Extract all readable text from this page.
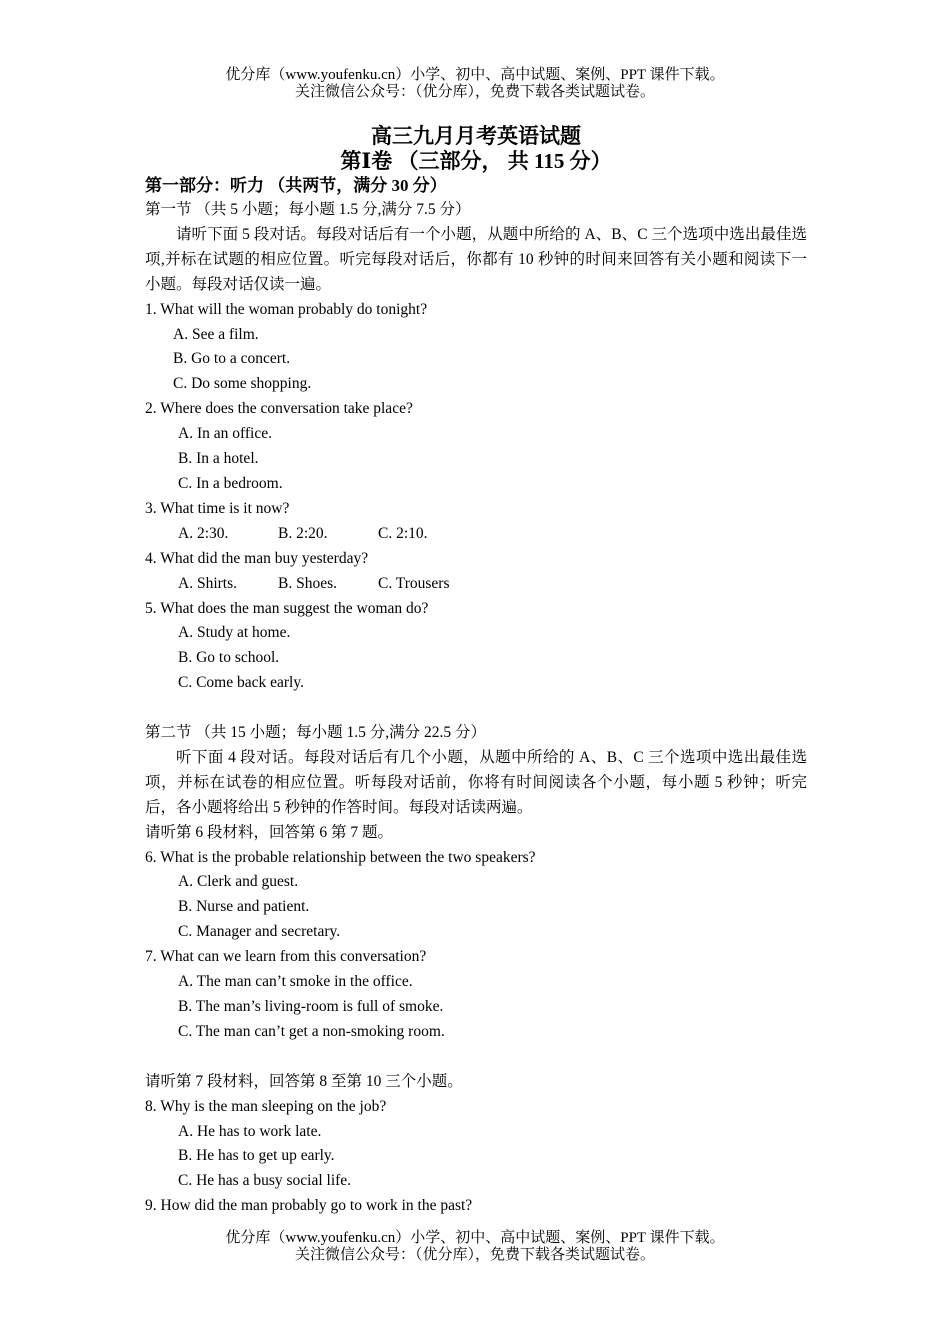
优分库（www.youfenku.cn）小学、初中、高中试题、案例、PPT 课件下载。
关注微信公众号：（优分库），免费下载各类试题试卷。
高三九月月考英语试题
第Ⅰ卷 （三部分， 共 115 分）
第一部分：听力 （共两节，满分 30 分）
第一节 （共 5 小题；每小题 1.5 分,满分 7.5 分）
请听下面 5 段对话。每段对话后有一个小题，从题中所给的 A、B、C 三个选项中选出最佳选项,并标在试题的相应位置。听完每段对话后，你都有 10 秒钟的时间来回答有关小题和阅读下一小题。每段对话仅读一遍。
1. What will the woman probably do tonight?
A. See a film.
B. Go to a concert.
C. Do some shopping.
2. Where does the conversation take place?
A. In an office.
B. In a hotel.
C. In a bedroom.
3. What time is it now?
A. 2:30.	B. 2:20.	C. 2:10.
4. What did the man buy yesterday?
A. Shirts.	B. Shoes.	C. Trousers
5. What does the man suggest the woman do?
A. Study at home.
B. Go to school.
C. Come back early.
第二节 （共 15 小题；每小题 1.5 分,满分 22.5 分）
听下面 4 段对话。每段对话后有几个小题，从题中所给的 A、B、C 三个选项中选出最佳选项，并标在试卷的相应位置。听每段对话前，你将有时间阅读各个小题，每小题 5 秒钟；听完后，各小题将给出 5 秒钟的作答时间。每段对话读两遍。
请听第 6 段材料，回答第 6 第 7 题。
6. What is the probable relationship between the two speakers?
A. Clerk and guest.
B. Nurse and patient.
C. Manager and secretary.
7. What can we learn from this conversation?
A. The man can’t smoke in the office.
B. The man’s living-room is full of smoke.
C. The man can’t get a non-smoking room.
请听第 7 段材料，回答第 8 至第 10 三个小题。
8. Why is the man sleeping on the job?
A. He has to work late.
B. He has to get up early.
C. He has a busy social life.
9. How did the man probably go to work in the past?
优分库（www.youfenku.cn）小学、初中、高中试题、案例、PPT 课件下载。
关注微信公众号：（优分库），免费下载各类试题试卷。
